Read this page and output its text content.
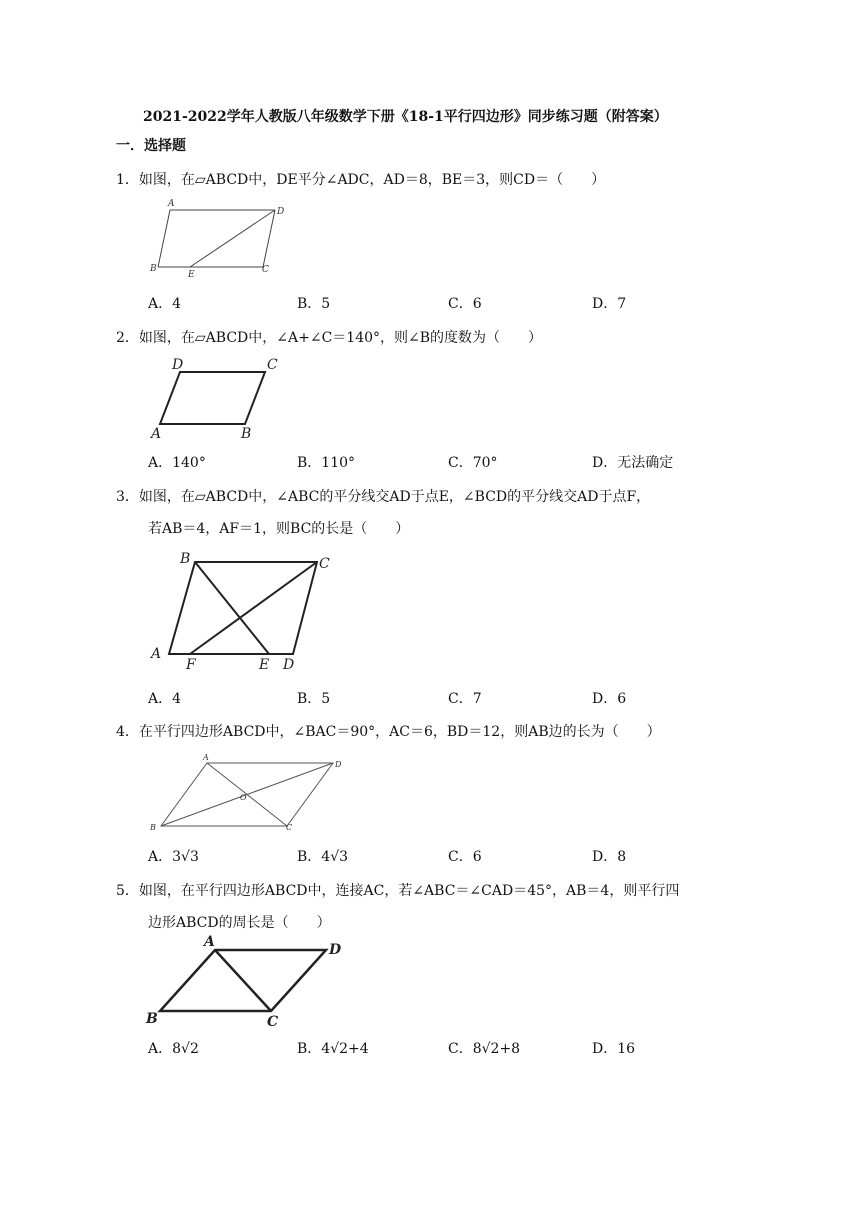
2021-2022学年人教版八年级数学下册《18-1平行四边形》同步练习题（附答案）
一．选择题
1．如图，在▱ABCD中，DE平分∠ADC，AD＝8，BE＝3，则CD＝（　　）
A
B	C
D
E
A．4	B．5	C．6	D．7
2．如图，在▱ABCD中，∠A+∠C＝140°，则∠B的度数为（　　）
D	C
A	B
A．140°	B．110°	C．70°	D．无法确定
3．如图，在▱ABCD中，∠ABC的平分线交AD于点E，∠BCD的平分线交AD于点F，
若AB＝4，AF＝1，则BC的长是（　　）
B	C
A
F	E D
A．4	B．5	C．7	D．6
4．在平行四边形ABCD中，∠BAC＝90°，AC＝6，BD＝12，则AB边的长为（　　）
A
D
B	C
O
A．3√3	B．4√3	C．6	D．8
5．如图，在平行四边形ABCD中，连接AC，若∠ABC＝∠CAD＝45°，AB＝4，则平行四
边形ABCD的周长是（　　）
A	D
B	C
A．8√2	B．4√2+4	C．8√2+8	D．16
